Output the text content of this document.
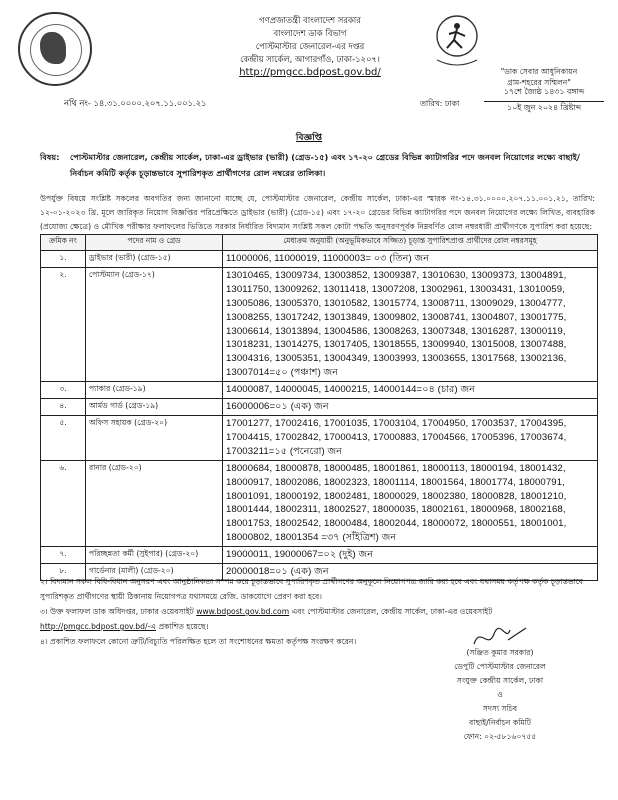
গণপ্রজাতন্ত্রী বাংলাদেশ সরকার
বাংলাদেশ ডাক বিভাগ
পোস্টমাস্টার জেনারেল-এর দপ্তর
কেন্দ্রীয় সার্কেল, আগারগাঁও, ঢাকা-১২০৭।
http://pmgcc.bdpost.gov.bd/	"ডাক সেবার আধুনিকায়ন
গ্রাম-শহরের সম্মিলন"
নথি নং- ১৪.৩১.০০০০.২০৭.১১.০০১.২১	তারিখ: ঢাকা
১৭শে জ্যৈষ্ঠ ১৪৩১ বঙ্গাব্দ
১০ই জুন ২০২৪ খ্রিষ্টাব্দ
বিজ্ঞপ্তি
বিষয়: পোস্টমাস্টার জেনারেল, কেন্দ্রীয় সার্কেল, ঢাকা-এর ড্রাইভার (ভারী) (গ্রেড-১৫) এবং ১৭-২০ গ্রেডের বিভিন্ন ক্যাটাগরির পদে জনবল নিয়োগের লক্ষ্যে বাছাই/নির্বাচন কমিটি কর্তৃক চূড়ান্তভাবে সুপারিশকৃত প্রার্থীগণের রোল নম্বরের তালিকা।
উপর্যুক্ত বিষয়ে সংশ্লিষ্ট সকলের অবগতির জন্য জানানো যাচ্ছে যে, পোস্টমাস্টার জেনারেল, কেন্দ্রীয় সার্কেল, ঢাকা-এর স্মারক নং-১৪.৩১.০০০০.২০৭.১১.০০১.২১, তারিখ: ১২-০১-২০২৩ খ্রি. মূলে জারিকৃত নিয়োগ বিজ্ঞপ্তির পরিপ্রেক্ষিতে ড্রাইভার (ভারী) (গ্রেড-১৫) এবং ১৭-২০ গ্রেডের বিভিন্ন ক্যাটাগরির পদে জনবল নিয়োগের লক্ষ্যে লিখিত, ব্যবহারিক (প্রযোজ্য ক্ষেত্রে) ও মৌখিক পরীক্ষার ফলাফলের ভিত্তিতে সরকার নির্ধারিত বিদ্যমান সংশ্লিষ্ট সকল কোটা পদ্ধতি অনুসরণপূর্বক নিম্নবর্ণিত রোল নম্বরধারী প্রার্থীগণকে সুপারিশ করা হয়েছে:
ক্রমিক নং	পদের নাম ও গ্রেড	মেধাক্রম অনুযায়ী (অনুভূমিকভাবে সজ্জিত) চূড়ান্ত সুপারিশপ্রাপ্ত প্রার্থীদের রোল নম্বরসমূহ
১.	ড্রাইভার (ভারী) (গ্রেড-১৫)	11000006, 11000019, 11000003= ০৩ (তিন) জন
২.	পোস্টম্যান (গ্রেড-১৭)	13010465, 13009734, 13003852, 13009387, 13010630, 13009373, 13004891, 13011750, 13009262, 13011418, 13007208, 13002961, 13003431, 13010059, 13005086, 13005370, 13010582, 13015774, 13008711, 13009029, 13004777, 13008255, 13017242, 13013849, 13009802, 13008741, 13004807, 13001775, 13006614, 13013894, 13004586, 13008263, 13007348, 13016287, 13000119, 13018231, 13014275, 13017405, 13018555, 13009940, 13015008, 13007488, 13004316, 13005351, 13004349, 13003993, 13003655, 13017568, 13002136, 13007014=৫০ (পঞ্চাশ) জন
৩.	প্যাকার (গ্রেড-১৯)	14000087, 14000045, 14000215, 14000144=০৪ (চার) জন
৪.	আর্মড গার্ড (গ্রেড-১৯)	16000006=০১ (এক) জন
৫.	অফিস সহায়ক (গ্রেড-২০)	17001277, 17002416, 17001035, 17003104, 17004950, 17003537, 17004395, 17004415, 17002842, 17000413, 17000883, 17004566, 17005396, 17003674, 17003211=১৫ (পনেরো) জন
৬.	রানার (গ্রেড-২০)	18000684, 18000878, 18000485, 18001861, 18000113, 18000194, 18001432, 18000917, 18002086, 18002323, 18001114, 18001564, 18001774, 18000791, 18001091, 18000192, 18002481, 18000029, 18002380, 18000828, 18001210, 18001444, 18002311, 18002527, 18000035, 18002161, 18000968, 18002168, 18001753, 18002542, 18000484, 18002044, 18000072, 18000551, 18001001, 18000802, 18001354 =৩৭ (সাঁইত্রিশ) জন
৭.	পরিচ্ছন্নতা কর্মী (সুইপার) (গ্রেড-২০)	19000011, 19000067=০২ (দুই) জন
৮.	গার্ডেনার (মালী) (গ্রেড-২০)	20000018=০১ (এক) জন
২। বিদ্যমান সকল বিধি-বিধান অনুসরণ এবং আনুষ্ঠানিকতা সম্পন্ন করে চূড়ান্তভাবে সুপারিশকৃত প্রার্থীগণের অনুকূলে নিয়োগপত্র জারি করা হবে এবং যথাসময় কর্তৃপক্ষ কর্তৃক চূড়ান্তভাবে সুপারিশকৃত প্রার্থীগণের স্থায়ী ঠিকানায় নিয়োগপত্র যথাসময়ে রেজি. ডাকযোগে প্রেরণ করা হবে।
৩। উক্ত ফলাফল ডাক অধিদপ্তর, ঢাকার ওয়েবসাইট www.bdpost.gov.bd.com এবং পোস্টমাস্টার জেনারেল, কেন্দ্রীয় সার্কেল, ঢাকা-এর ওয়েবসাইট http://pmgcc.bdpost.gov.bd/-এ প্রকাশিত হয়েছে।
৪। প্রকাশিত ফলাফলে কোনো ত্রুটি/বিচ্যুতি পরিলক্ষিত হলে তা সংশোধনের ক্ষমতা কর্তৃপক্ষ সংরক্ষণ করেন।
(সঞ্জিত কুমার সরকার)
ডেপুটি পোস্টমাস্টার জেনারেল
সংযুক্ত কেন্দ্রীয় সার্কেল, ঢাকা
ও
সদস্য সচিব
বাছাই/নির্বাচন কমিটি
ফোন: ০২-৫৮১৬০৭৫৫
